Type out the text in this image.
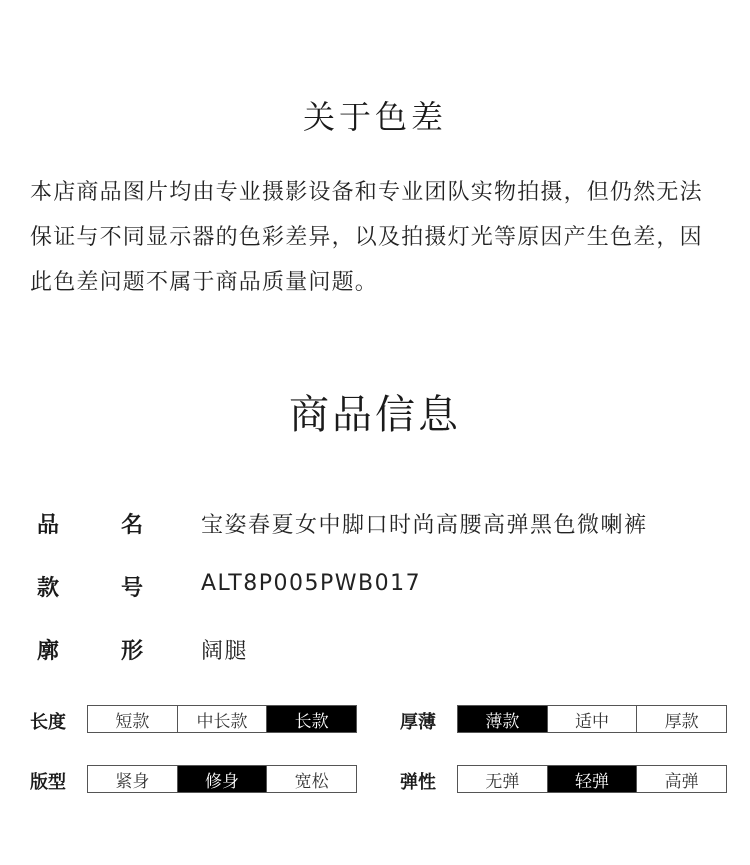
关于色差
本店商品图片均由专业摄影设备和专业团队实物拍摄，但仍然无法保证与不同显示器的色彩差异，以及拍摄灯光等原因产生色差，因此色差问题不属于商品质量问题。
商品信息
品	名	宝姿春夏女中脚口时尚高腰高弹黑色微喇裤
款	号	ALT8P005PWB017
廓	形	阔腿
长度	短款	中长款	长款	厚薄	薄款	适中	厚款
版型	紧身	修身	宽松	弹性	无弹	轻弹	高弹
